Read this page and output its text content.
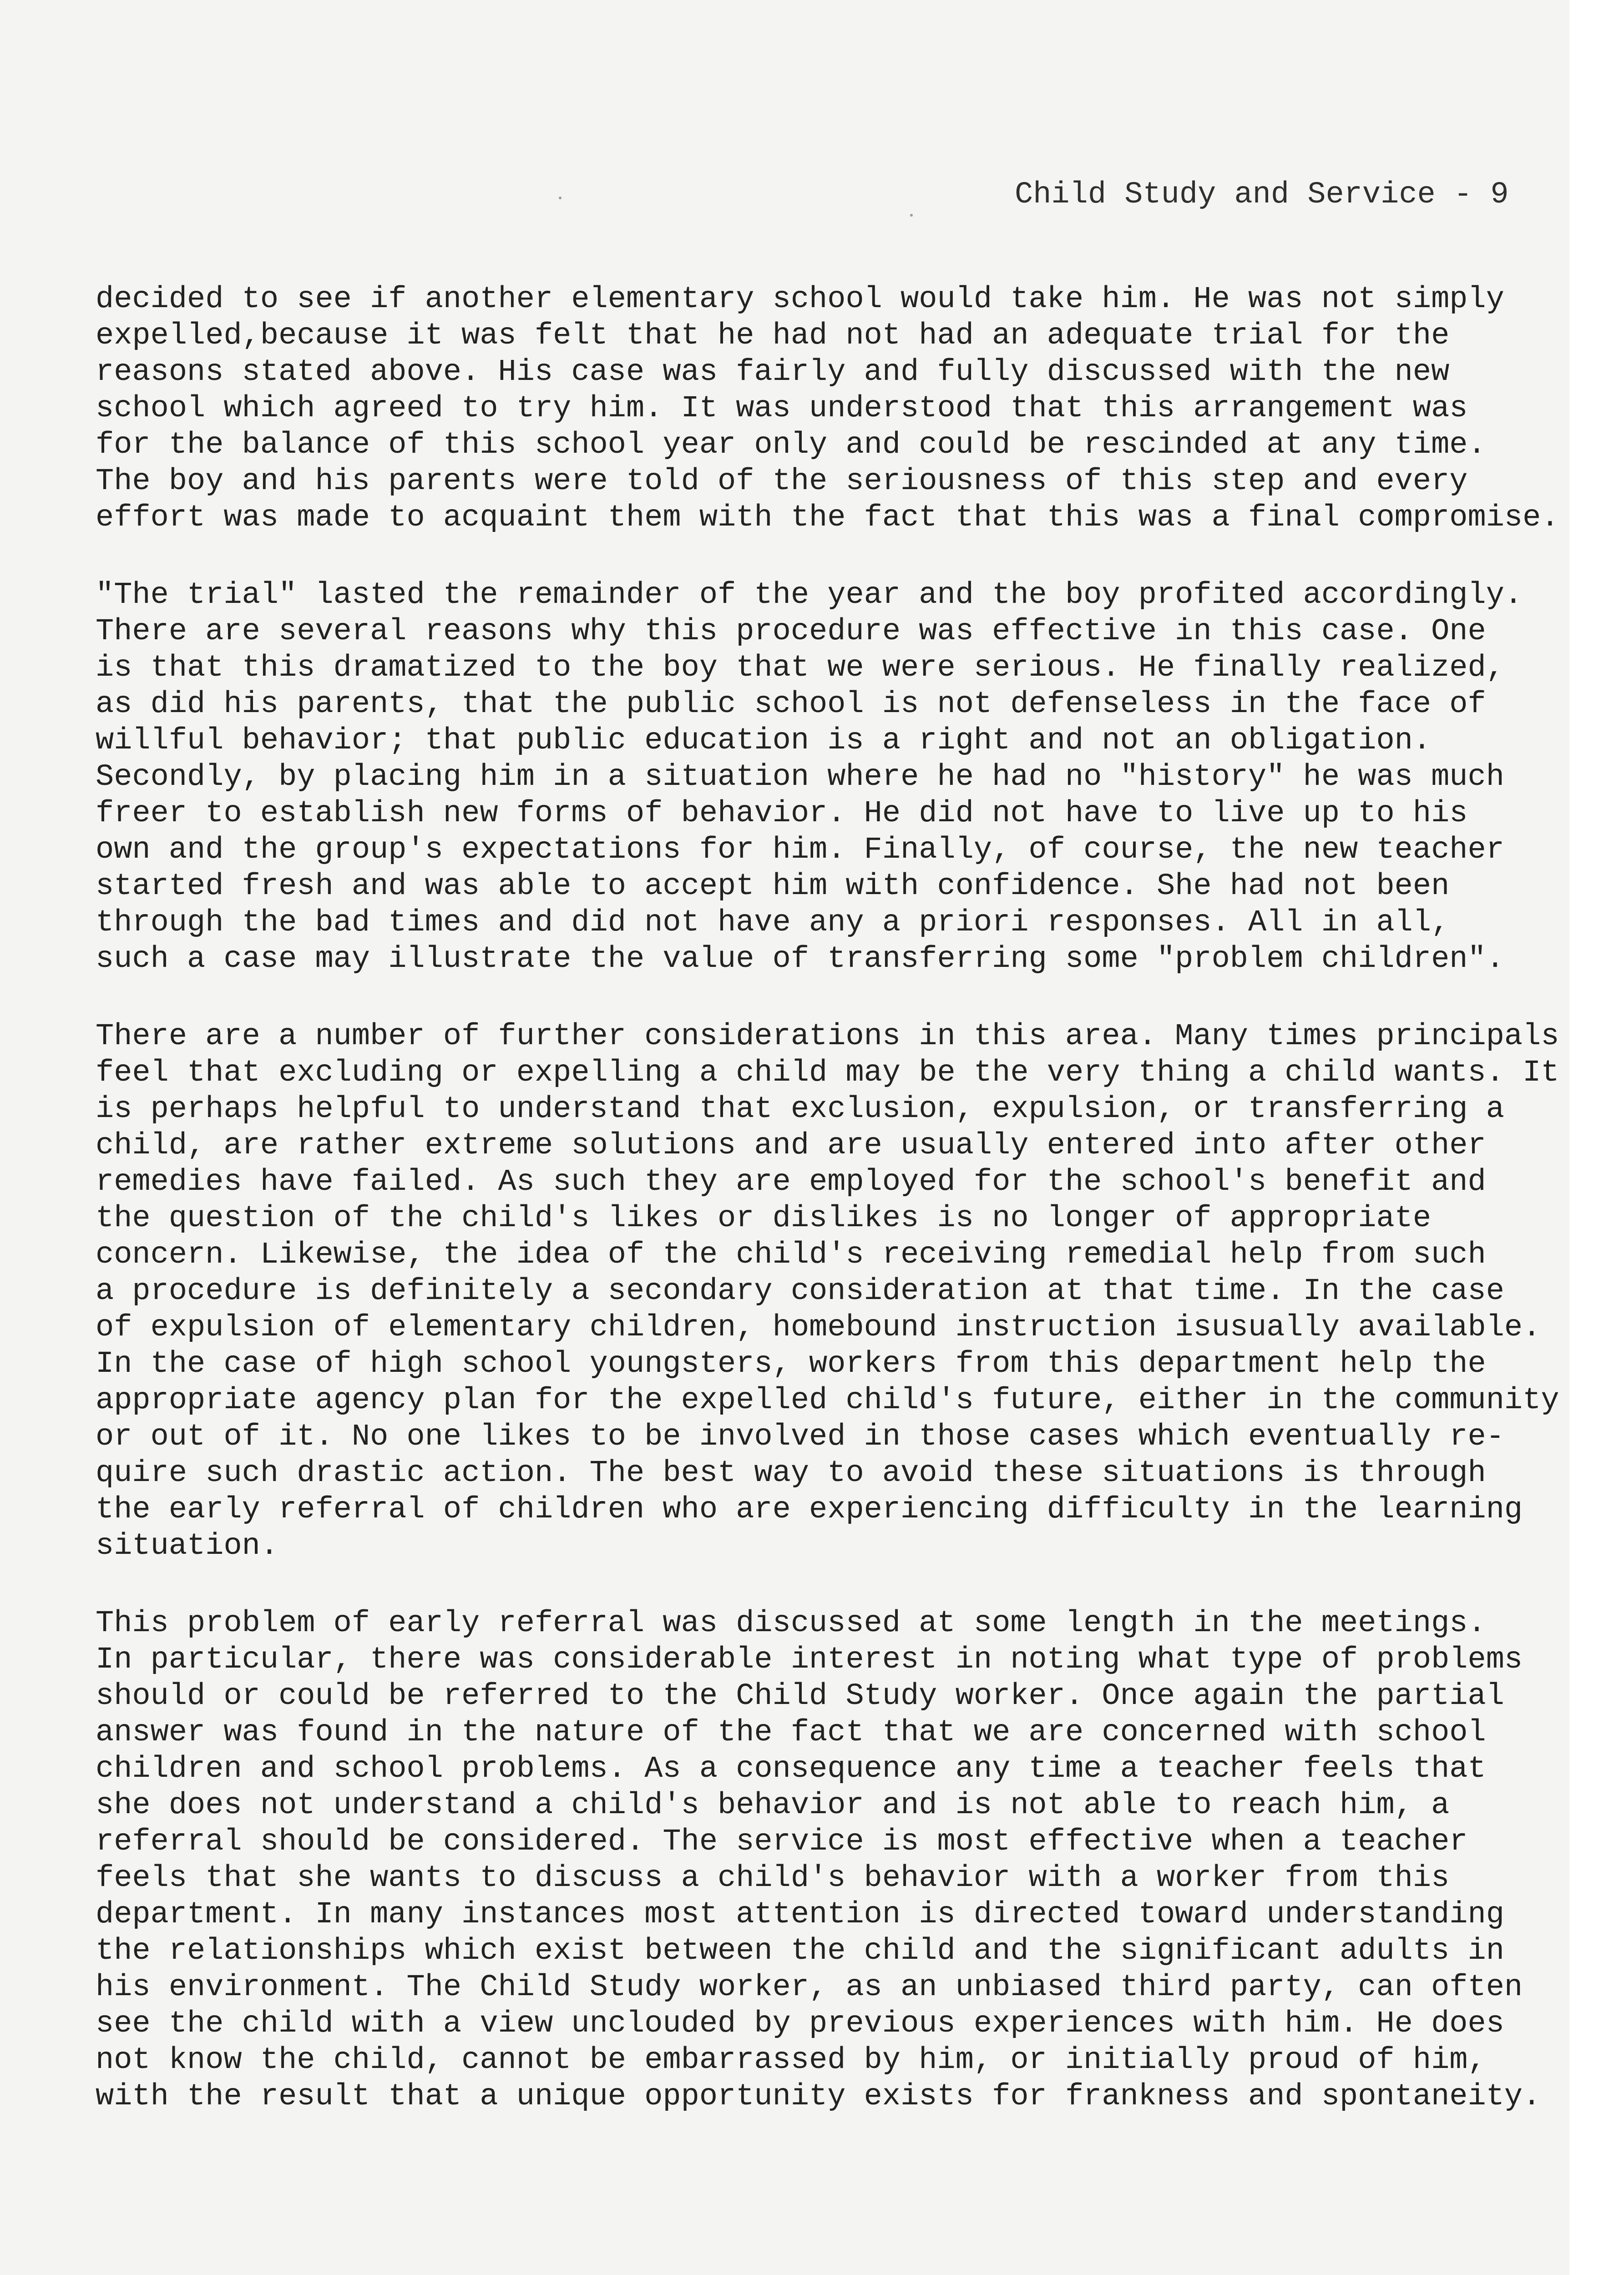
Child Study and Service - 9
decided to see if another elementary school would take him. He was not simply
expelled,because it was felt that he had not had an adequate trial for the
reasons stated above. His case was fairly and fully discussed with the new
school which agreed to try him. It was understood that this arrangement was
for the balance of this school year only and could be rescinded at any time.
The boy and his parents were told of the seriousness of this step and every
effort was made to acquaint them with the fact that this was a final compromise.
"The trial" lasted the remainder of the year and the boy profited accordingly.
There are several reasons why this procedure was effective in this case. One
is that this dramatized to the boy that we were serious. He finally realized,
as did his parents, that the public school is not defenseless in the face of
willful behavior; that public education is a right and not an obligation.
Secondly, by placing him in a situation where he had no "history" he was much
freer to establish new forms of behavior. He did not have to live up to his
own and the group's expectations for him. Finally, of course, the new teacher
started fresh and was able to accept him with confidence. She had not been
through the bad times and did not have any a priori responses. All in all,
such a case may illustrate the value of transferring some "problem children".
There are a number of further considerations in this area. Many times principals
feel that excluding or expelling a child may be the very thing a child wants. It
is perhaps helpful to understand that exclusion, expulsion, or transferring a
child, are rather extreme solutions and are usually entered into after other
remedies have failed. As such they are employed for the school's benefit and
the question of the child's likes or dislikes is no longer of appropriate
concern. Likewise, the idea of the child's receiving remedial help from such
a procedure is definitely a secondary consideration at that time. In the case
of expulsion of elementary children, homebound instruction isusually available.
In the case of high school youngsters, workers from this department help the
appropriate agency plan for the expelled child's future, either in the community
or out of it. No one likes to be involved in those cases which eventually re-
quire such drastic action. The best way to avoid these situations is through
the early referral of children who are experiencing difficulty in the learning
situation.
This problem of early referral was discussed at some length in the meetings.
In particular, there was considerable interest in noting what type of problems
should or could be referred to the Child Study worker. Once again the partial
answer was found in the nature of the fact that we are concerned with school
children and school problems. As a consequence any time a teacher feels that
she does not understand a child's behavior and is not able to reach him, a
referral should be considered. The service is most effective when a teacher
feels that she wants to discuss a child's behavior with a worker from this
department. In many instances most attention is directed toward understanding
the relationships which exist between the child and the significant adults in
his environment. The Child Study worker, as an unbiased third party, can often
see the child with a view unclouded by previous experiences with him. He does
not know the child, cannot be embarrassed by him, or initially proud of him,
with the result that a unique opportunity exists for frankness and spontaneity.
